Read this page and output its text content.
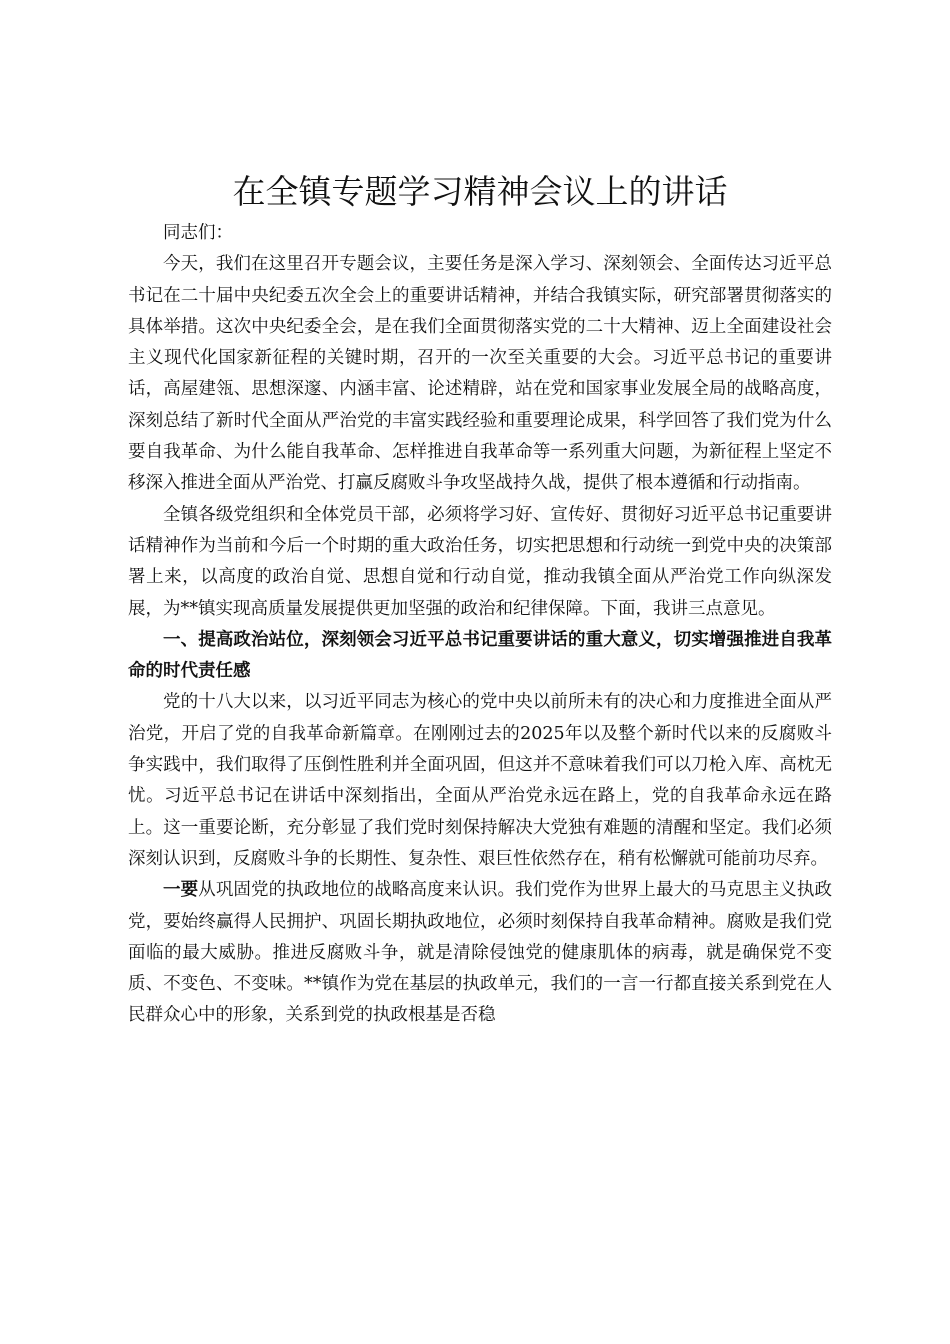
在全镇专题学习精神会议上的讲话

同志们：

今天，我们在这里召开专题会议，主要任务是深入学习、深刻领会、全面传达习近平总书记在二十届中央纪委五次全会上的重要讲话精神，并结合我镇实际，研究部署贯彻落实的具体举措。这次中央纪委全会，是在我们全面贯彻落实党的二十大精神、迈上全面建设社会主义现代化国家新征程的关键时期，召开的一次至关重要的大会。习近平总书记的重要讲话，高屋建瓴、思想深邃、内涵丰富、论述精辟，站在党和国家事业发展全局的战略高度，深刻总结了新时代全面从严治党的丰富实践经验和重要理论成果，科学回答了我们党为什么要自我革命、为什么能自我革命、怎样推进自我革命等一系列重大问题，为新征程上坚定不移深入推进全面从严治党、打赢反腐败斗争攻坚战持久战，提供了根本遵循和行动指南。

全镇各级党组织和全体党员干部，必须将学习好、宣传好、贯彻好习近平总书记重要讲话精神作为当前和今后一个时期的重大政治任务，切实把思想和行动统一到党中央的决策部署上来，以高度的政治自觉、思想自觉和行动自觉，推动我镇全面从严治党工作向纵深发展，为**镇实现高质量发展提供更加坚强的政治和纪律保障。下面，我讲三点意见。

一、提高政治站位，深刻领会习近平总书记重要讲话的重大意义，切实增强推进自我革命的时代责任感

党的十八大以来，以习近平同志为核心的党中央以前所未有的决心和力度推进全面从严治党，开启了党的自我革命新篇章。在刚刚过去的2025年以及整个新时代以来的反腐败斗争实践中，我们取得了压倒性胜利并全面巩固，但这并不意味着我们可以刀枪入库、高枕无忧。习近平总书记在讲话中深刻指出，全面从严治党永远在路上，党的自我革命永远在路上。这一重要论断，充分彰显了我们党时刻保持解决大党独有难题的清醒和坚定。我们必须深刻认识到，反腐败斗争的长期性、复杂性、艰巨性依然存在，稍有松懈就可能前功尽弃。

一要从巩固党的执政地位的战略高度来认识。我们党作为世界上最大的马克思主义执政党，要始终赢得人民拥护、巩固长期执政地位，必须时刻保持自我革命精神。腐败是我们党面临的最大威胁。推进反腐败斗争，就是清除侵蚀党的健康肌体的病毒，就是确保党不变质、不变色、不变味。**镇作为党在基层的执政单元，我们的一言一行都直接关系到党在人民群众心中的形象，关系到党的执政根基是否稳
